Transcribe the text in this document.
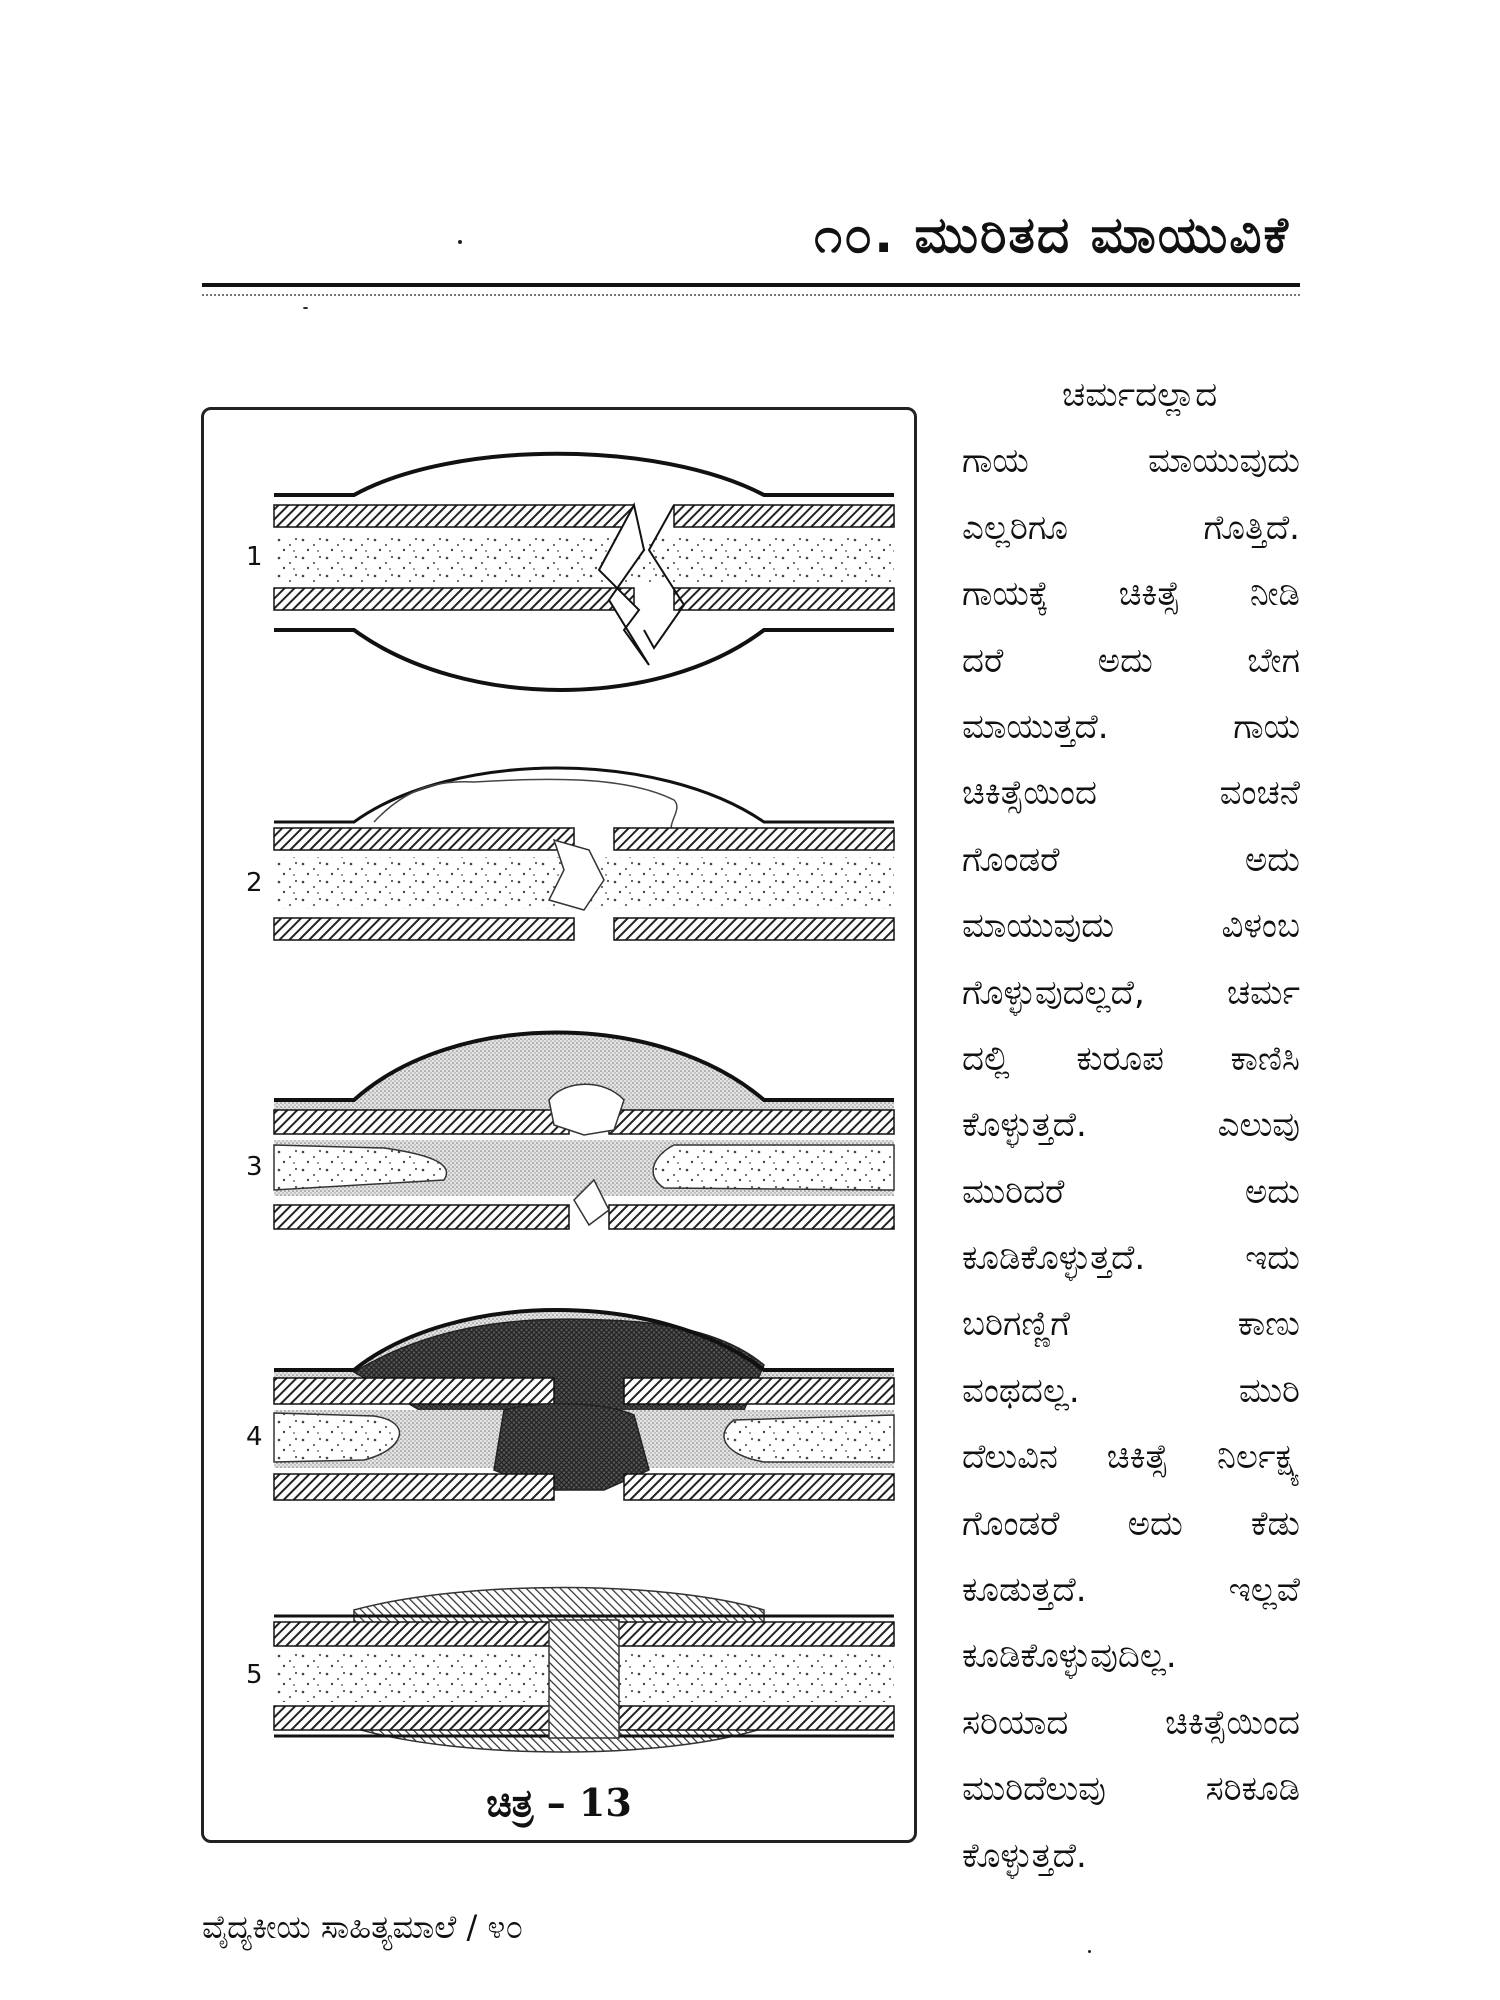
೧೦. ಮುರಿತದ ಮಾಯುವಿಕೆ

1

2

3

4

5

ಚಿತ್ರ – 13

ಚರ್ಮದಲ್ಲಾದ
ಗಾಯ	ಮಾಯುವುದು
ಎಲ್ಲರಿಗೂ	ಗೊತ್ತಿದೆ.
ಗಾಯಕ್ಕೆ ಚಿಕಿತ್ಸೆ ನೀಡಿ
ದರೆ	ಅದು	ಬೇಗ
ಮಾಯುತ್ತದೆ.	ಗಾಯ
ಚಿಕಿತ್ಸೆಯಿಂದ	ವಂಚನೆ
ಗೊಂಡರೆ	ಅದು
ಮಾಯುವುದು	ವಿಳಂಬ
ಗೊಳ್ಳುವುದಲ್ಲದೆ, ಚರ್ಮ
ದಲ್ಲಿ ಕುರೂಪ ಕಾಣಿಸಿ
ಕೊಳ್ಳುತ್ತದೆ.	ಎಲುವು
ಮುರಿದರೆ	ಅದು
ಕೂಡಿಕೊಳ್ಳುತ್ತದೆ.	ಇದು
ಬರಿಗಣ್ಣಿಗೆ	ಕಾಣು
ವಂಥದಲ್ಲ.	ಮುರಿ
ದೆಲುವಿನ ಚಿಕಿತ್ಸೆ ನಿರ್ಲಕ್ಷ್ಯ
ಗೊಂಡರೆ ಅದು ಕೆಡು
ಕೂಡುತ್ತದೆ.	ಇಲ್ಲವೆ
ಕೂಡಿಕೊಳ್ಳುವುದಿಲ್ಲ.
ಸರಿಯಾದ	ಚಿಕಿತ್ಸೆಯಿಂದ
ಮುರಿದೆಲುವು	ಸರಿಕೂಡಿ
ಕೊಳ್ಳುತ್ತದೆ.

ವೈದ್ಯಕೀಯ ಸಾಹಿತ್ಯಮಾಲೆ / ೪೦
